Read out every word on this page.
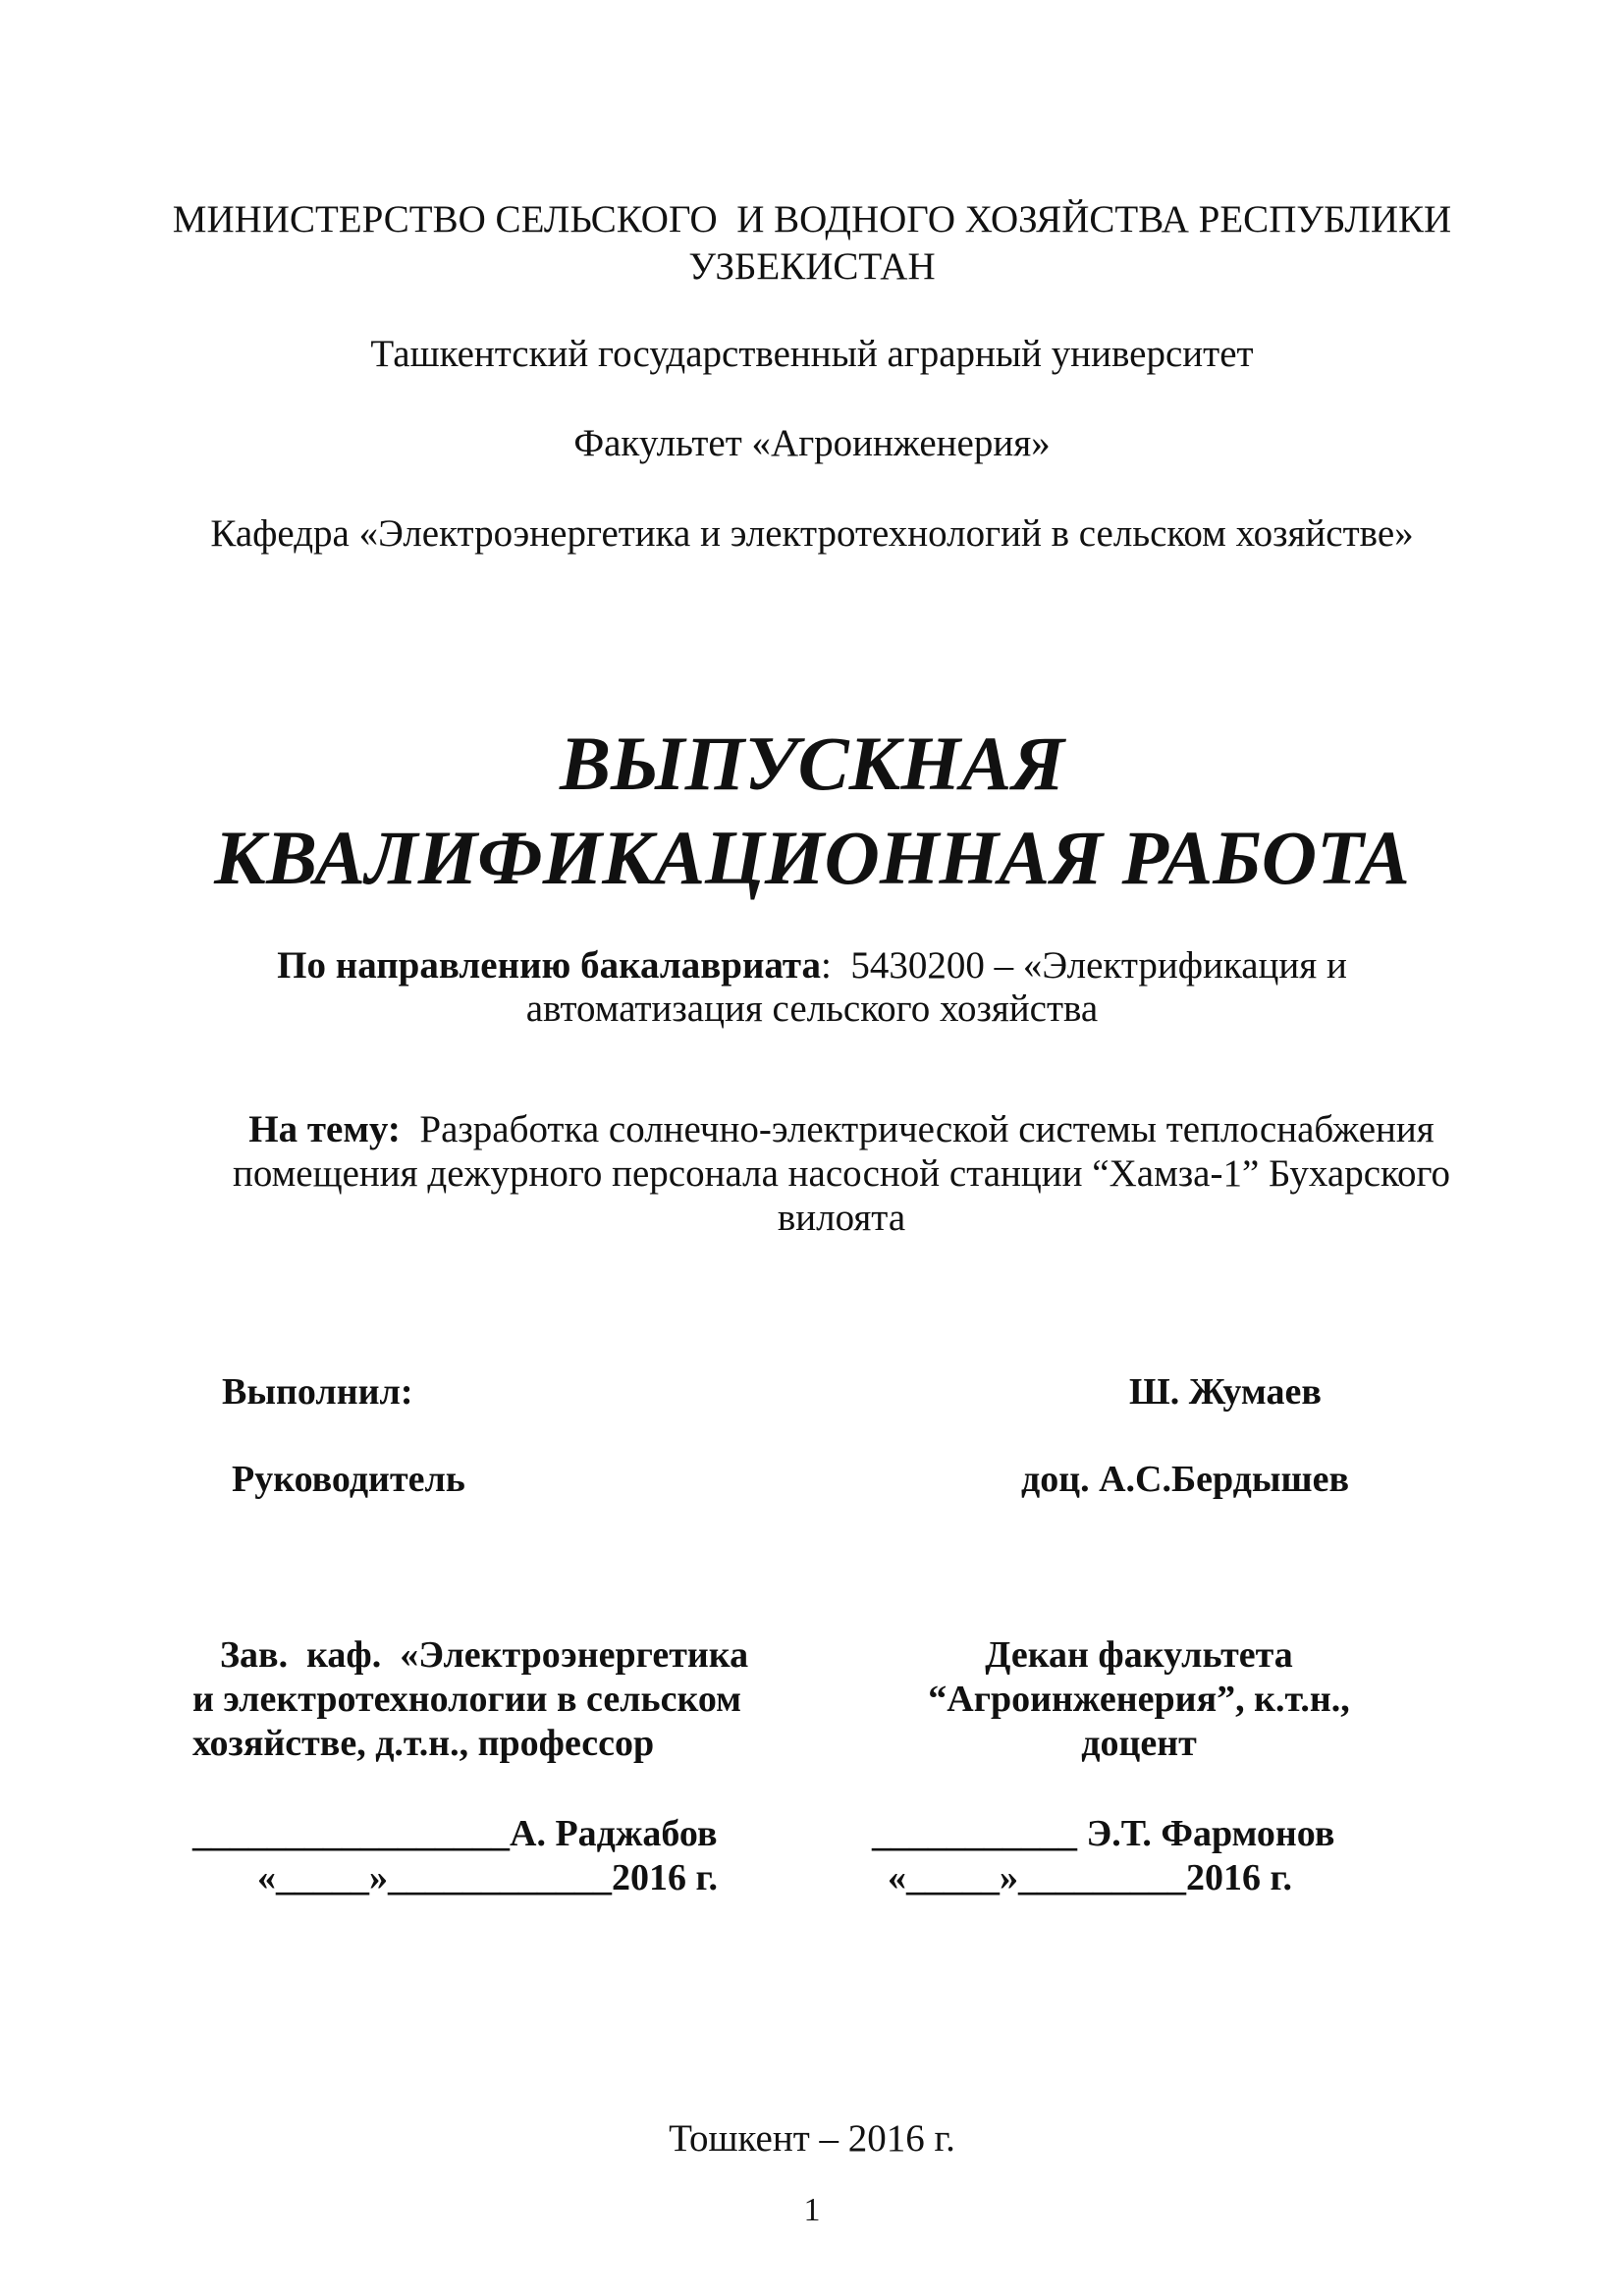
МИНИСТЕРСТВО СЕЛЬСКОГО  И ВОДНОГО ХОЗЯЙСТВА РЕСПУБЛИКИ
УЗБЕКИСТАН
Ташкентский государственный аграрный университет
Факультет «Агроинженерия»
Кафедра «Электроэнергетика и электротехнологий в сельском хозяйстве»
ВЫПУСКНАЯ
КВАЛИФИКАЦИОННАЯ РАБОТА
По направлению бакалавриата:  5430200 – «Электрификация и
автоматизация сельского хозяйства
На тему:  Разработка солнечно-электрической системы теплоснабжения помещения дежурного персонала насосной станции “Хамза-1” Бухарского вилоята
Выполнил:	Ш. Жумаев
Руководитель	доц. А.С.Бердышев
Зав.  каф.  «Электроэнергетика
и электротехнологии в сельском
хозяйстве, д.т.н., профессор
Декан факультета
“Агроинженерия”, к.т.н.,
доцент
_________________А. Раджабов
«_____»____________2016 г.
___________ Э.Т. Фармонов
«_____»_________2016 г.
Тошкент – 2016 г.
1
